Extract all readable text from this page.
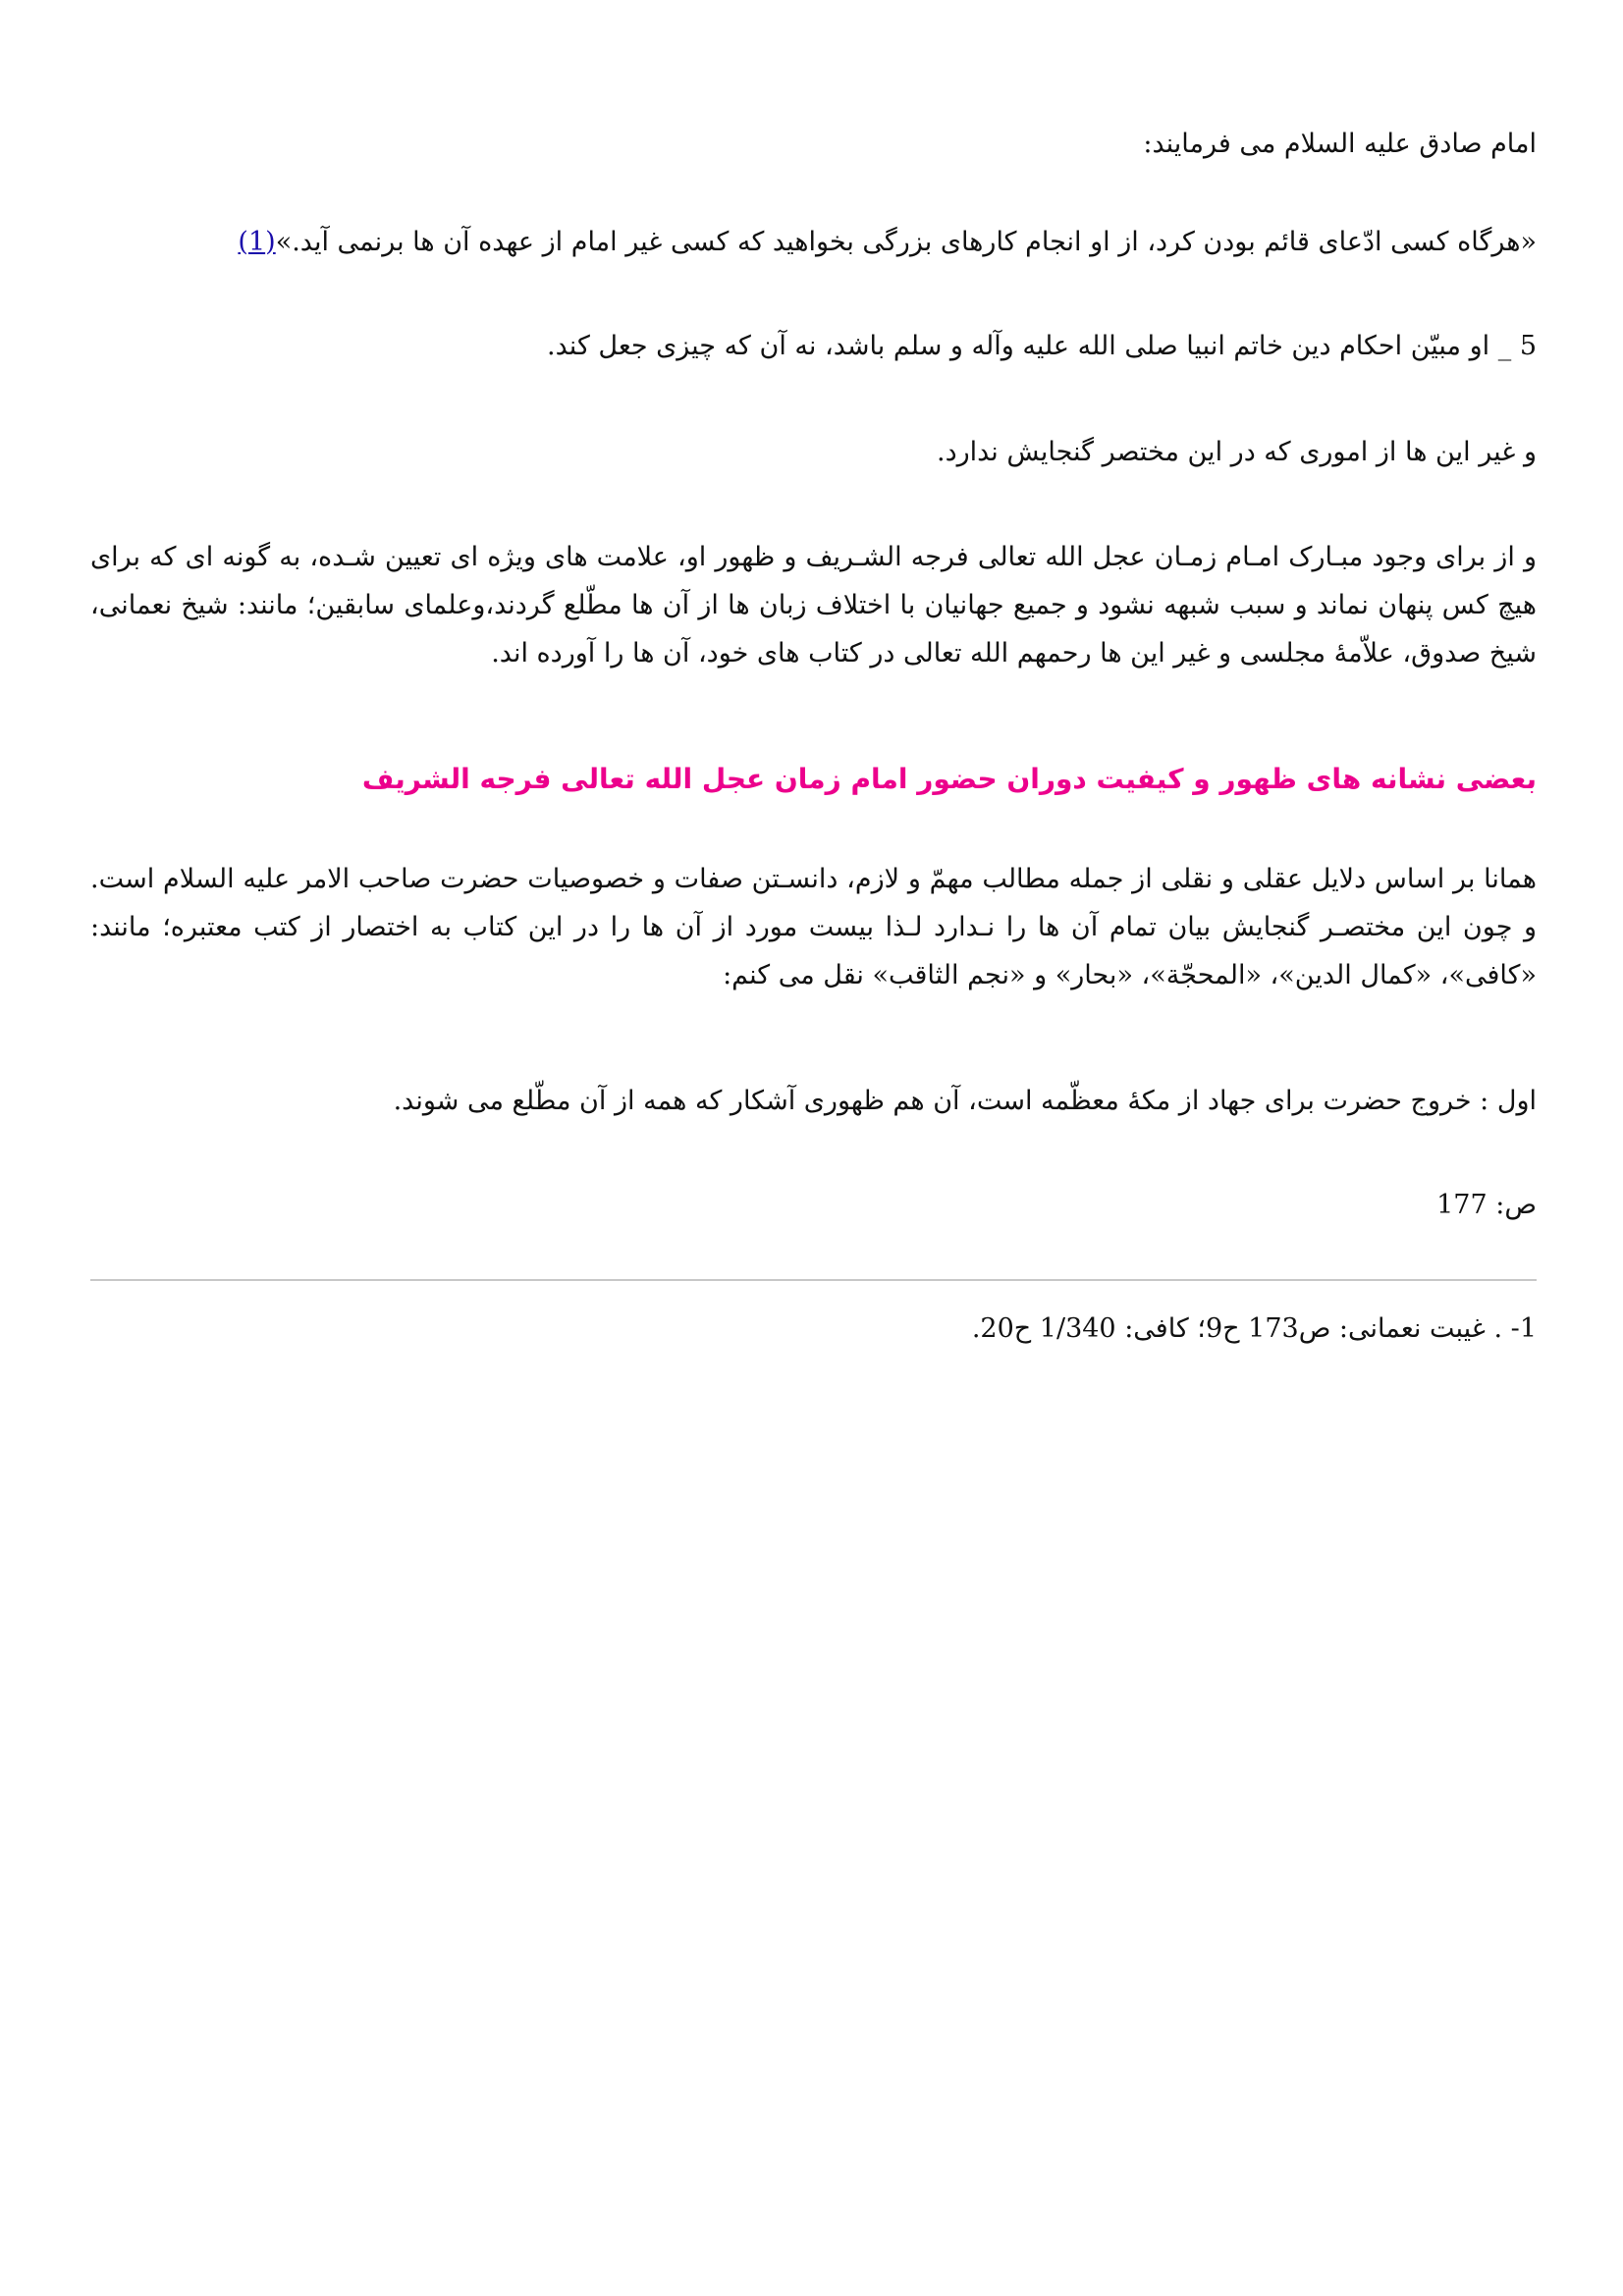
امام صادق علیه السلام می فرمایند:

«هرگاه کسی ادّعای قائم بودن کرد، از او انجام کارهای بزرگی بخواهید که کسی غیر امام از عهده آن ها برنمی آید.»(1)

5 _ او مبیّن احکام دین خاتم انبیا صلی الله علیه وآله و سلم باشد، نه آن که چیزی جعل کند.

و غیر این ها از اموری که در این مختصر گنجایش ندارد.

و از برای وجود مبـارک امـام زمـان عجل الله تعالی فرجه الشـریف و ظهور او، علامت های ویژه ای تعیین شـده، به گونه ای که برای هیچ کس پنهان نماند و سبب شبهه نشود و جمیع جهانیان با اختلاف زبان ها از آن ها مطّلع گردند،وعلمای سابقین؛ مانند: شیخ نعمانی، شیخ صدوق، علاّمۀ مجلسی و غیر این ها رحمهم الله تعالی در کتاب های خود، آن ها را آورده اند.

بعضی نشانه های ظهور و کیفیت دوران حضور امام زمان عجل الله تعالی فرجه الشریف

همانا بر اساس دلایل عقلی و نقلی از جمله مطالب مهمّ و لازم، دانسـتن صفات و خصوصیات حضرت صاحب الامر علیه السلام است. و چون این مختصـر گنجایش بیان تمام آن ها را نـدارد لـذا بیست مورد از آن ها را در این کتاب به اختصار از کتب معتبره؛ مانند: «کافی»، «کمال الدین»، «المحجّة»، «بحار» و «نجم الثاقب» نقل می کنم:

اول : خروج حضرت برای جهاد از مکۀ معظّمه است، آن هم ظهوری آشکار که همه از آن مطّلع می شوند.

ص: 177

1- . غیبت نعمانی: ص173 ح9؛ کافی: 1/340 ح20.
